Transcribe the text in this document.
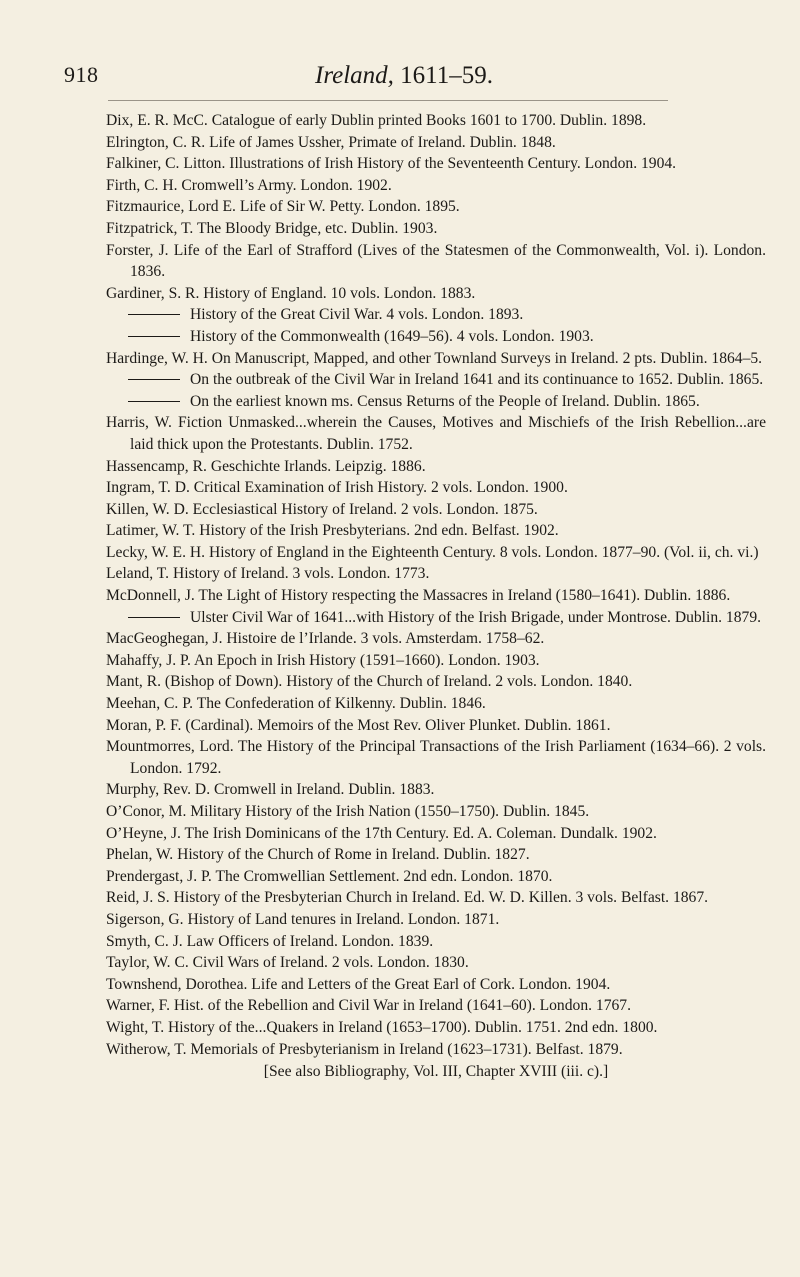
918	Ireland, 1611–59.

Dix, E. R. McC. Catalogue of early Dublin printed Books 1601 to 1700. Dublin. 1898.

Elrington, C. R. Life of James Ussher, Primate of Ireland. Dublin. 1848.

Falkiner, C. Litton. Illustrations of Irish History of the Seventeenth Century. London. 1904.

Firth, C. H. Cromwell’s Army. London. 1902.

Fitzmaurice, Lord E. Life of Sir W. Petty. London. 1895.

Fitzpatrick, T. The Bloody Bridge, etc. Dublin. 1903.

Forster, J. Life of the Earl of Strafford (Lives of the Statesmen of the Commonwealth, Vol. i). London. 1836.

Gardiner, S. R. History of England. 10 vols. London. 1883.

History of the Great Civil War. 4 vols. London. 1893.

History of the Commonwealth (1649–56). 4 vols. London. 1903.

Hardinge, W. H. On Manuscript, Mapped, and other Townland Surveys in Ireland. 2 pts. Dublin. 1864–5.

On the outbreak of the Civil War in Ireland 1641 and its continuance to 1652. Dublin. 1865.

On the earliest known ms. Census Returns of the People of Ireland. Dublin. 1865.

Harris, W. Fiction Unmasked...wherein the Causes, Motives and Mischiefs of the Irish Rebellion...are laid thick upon the Protestants. Dublin. 1752.

Hassencamp, R. Geschichte Irlands. Leipzig. 1886.

Ingram, T. D. Critical Examination of Irish History. 2 vols. London. 1900.

Killen, W. D. Ecclesiastical History of Ireland. 2 vols. London. 1875.

Latimer, W. T. History of the Irish Presbyterians. 2nd edn. Belfast. 1902.

Lecky, W. E. H. History of England in the Eighteenth Century. 8 vols. London. 1877–90. (Vol. ii, ch. vi.)

Leland, T. History of Ireland. 3 vols. London. 1773.

McDonnell, J. The Light of History respecting the Massacres in Ireland (1580–1641). Dublin. 1886.

Ulster Civil War of 1641...with History of the Irish Brigade, under Montrose. Dublin. 1879.

MacGeoghegan, J. Histoire de l’Irlande. 3 vols. Amsterdam. 1758–62.

Mahaffy, J. P. An Epoch in Irish History (1591–1660). London. 1903.

Mant, R. (Bishop of Down). History of the Church of Ireland. 2 vols. London. 1840.

Meehan, C. P. The Confederation of Kilkenny. Dublin. 1846.

Moran, P. F. (Cardinal). Memoirs of the Most Rev. Oliver Plunket. Dublin. 1861.

Mountmorres, Lord. The History of the Principal Transactions of the Irish Parliament (1634–66). 2 vols. London. 1792.

Murphy, Rev. D. Cromwell in Ireland. Dublin. 1883.

O’Conor, M. Military History of the Irish Nation (1550–1750). Dublin. 1845.

O’Heyne, J. The Irish Dominicans of the 17th Century. Ed. A. Coleman. Dundalk. 1902.

Phelan, W. History of the Church of Rome in Ireland. Dublin. 1827.

Prendergast, J. P. The Cromwellian Settlement. 2nd edn. London. 1870.

Reid, J. S. History of the Presbyterian Church in Ireland. Ed. W. D. Killen. 3 vols. Belfast. 1867.

Sigerson, G. History of Land tenures in Ireland. London. 1871.

Smyth, C. J. Law Officers of Ireland. London. 1839.

Taylor, W. C. Civil Wars of Ireland. 2 vols. London. 1830.

Townshend, Dorothea. Life and Letters of the Great Earl of Cork. London. 1904.

Warner, F. Hist. of the Rebellion and Civil War in Ireland (1641–60). London. 1767.

Wight, T. History of the...Quakers in Ireland (1653–1700). Dublin. 1751. 2nd edn. 1800.

Witherow, T. Memorials of Presbyterianism in Ireland (1623–1731). Belfast. 1879.

[See also Bibliography, Vol. III, Chapter XVIII (iii. c).]
